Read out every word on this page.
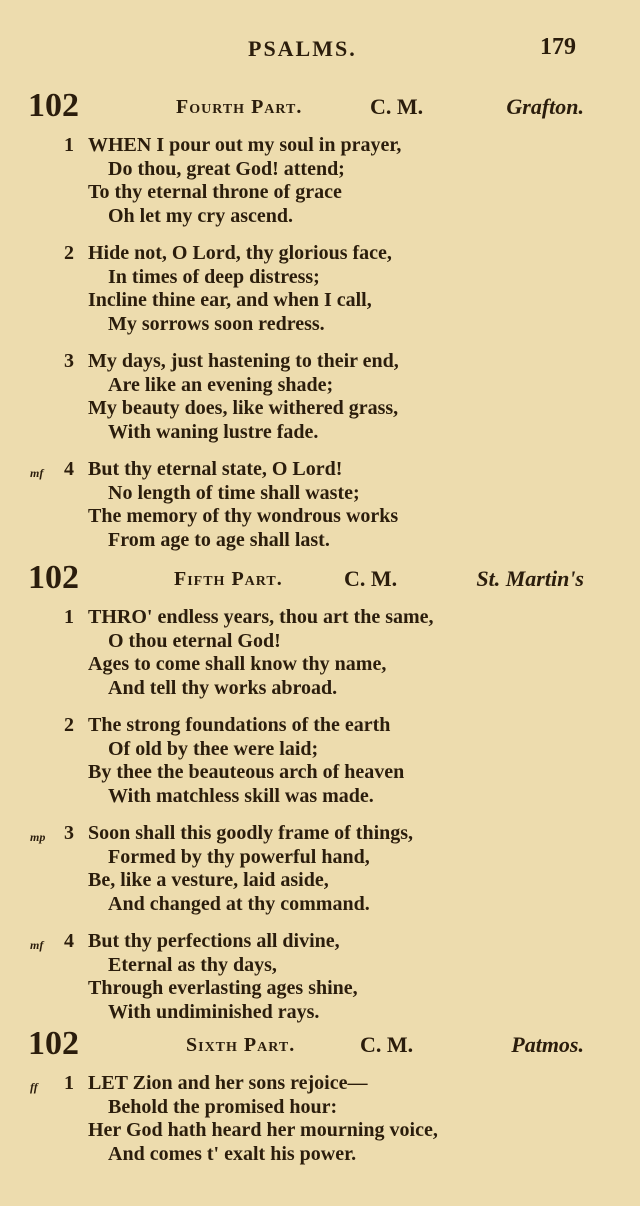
PSALMS.	179
102	Fourth Part.	C. M.	Grafton.
1 WHEN I pour out my soul in prayer,
Do thou, great God! attend;
To thy eternal throne of grace
Oh let my cry ascend.
2 Hide not, O Lord, thy glorious face,
In times of deep distress;
Incline thine ear, and when I call,
My sorrows soon redress.
3 My days, just hastening to their end,
Are like an evening shade;
My beauty does, like withered grass,
With waning lustre fade.
mf 4 But thy eternal state, O Lord!
No length of time shall waste;
The memory of thy wondrous works
From age to age shall last.
102	Fifth Part.	C. M.	St. Martin's
1 THRO' endless years, thou art the same,
O thou eternal God!
Ages to come shall know thy name,
And tell thy works abroad.
2 The strong foundations of the earth
Of old by thee were laid;
By thee the beauteous arch of heaven
With matchless skill was made.
mp 3 Soon shall this goodly frame of things,
Formed by thy powerful hand,
Be, like a vesture, laid aside,
And changed at thy command.
mf 4 But thy perfections all divine,
Eternal as thy days,
Through everlasting ages shine,
With undiminished rays.
102	Sixth Part.	C. M.	Patmos.
ff 1 LET Zion and her sons rejoice—
Behold the promised hour:
Her God hath heard her mourning voice,
And comes t' exalt his power.
